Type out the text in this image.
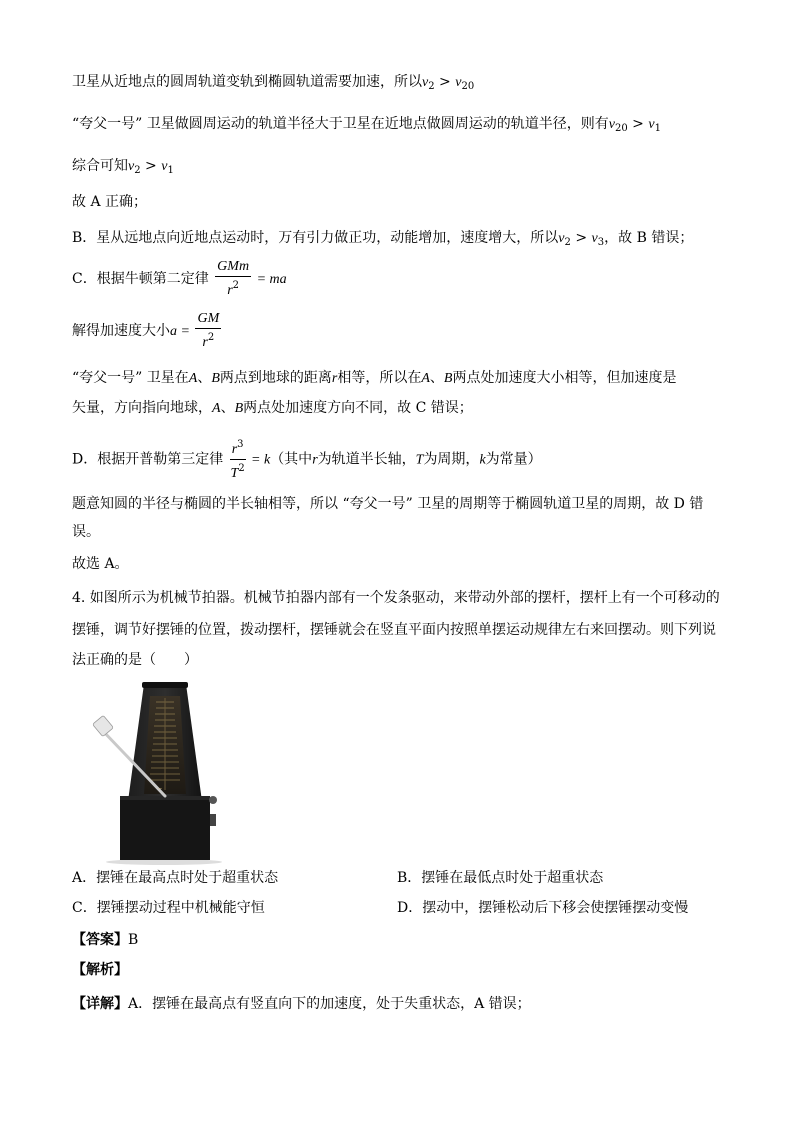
卫星从近地点的圆周轨道变轨到椭圆轨道需要加速，所以$v_2 > v_{20}$
“夸父一号” 卫星做圆周运动的轨道半径大于卫星在近地点做圆周运动的轨道半径，则有$v_{20} > v_1$
综合可知$v_2 > v_1$
故 A 正确；
B．星从远地点向近地点运动时，万有引力做正功，动能增加，速度增大，所以$v_2 > v_3$，故 B 错误；
C．根据牛顿第二定律 $\frac{\text{GMm}}{r^2}$ = ma
解得加速度大小$a = \frac{GM}{r^2}$
“夸父一号” 卫星在A、B两点到地球的距离r相等，所以在A、B两点处加速度大小相等，但加速度是
矢量，方向指向地球，A、B两点处加速度方向不同，故 C 错误；
D．根据开普勒第三定律 $\frac{r^3}{T^2} = k$（其中r为轨道半长轴，T为周期，k为常量）
题意知圆的半径与椭圆的半长轴相等，所以 “夸父一号” 卫星的周期等于椭圆轨道卫星的周期，故 D 错
误。
故选 A。
4. 如图所示为机械节拍器。机械节拍器内部有一个发条驱动，来带动外部的摆杆，摆杆上有一个可移动的
摆锤，调节好摆锤的位置，拨动摆杆，摆锤就会在竖直平面内按照单摆运动规律左右来回摆动。则下列说
法正确的是（　　）
~
A．摆锤在最高点时处于超重状态	B．摆锤在最低点时处于超重状态
C．摆锤摆动过程中机械能守恒	D．摆动中，摆锤松动后下移会使摆锤摆动变慢
【答案】B
【解析】
【详解】A．摆锤在最高点有竖直向下的加速度，处于失重状态，A 错误；
